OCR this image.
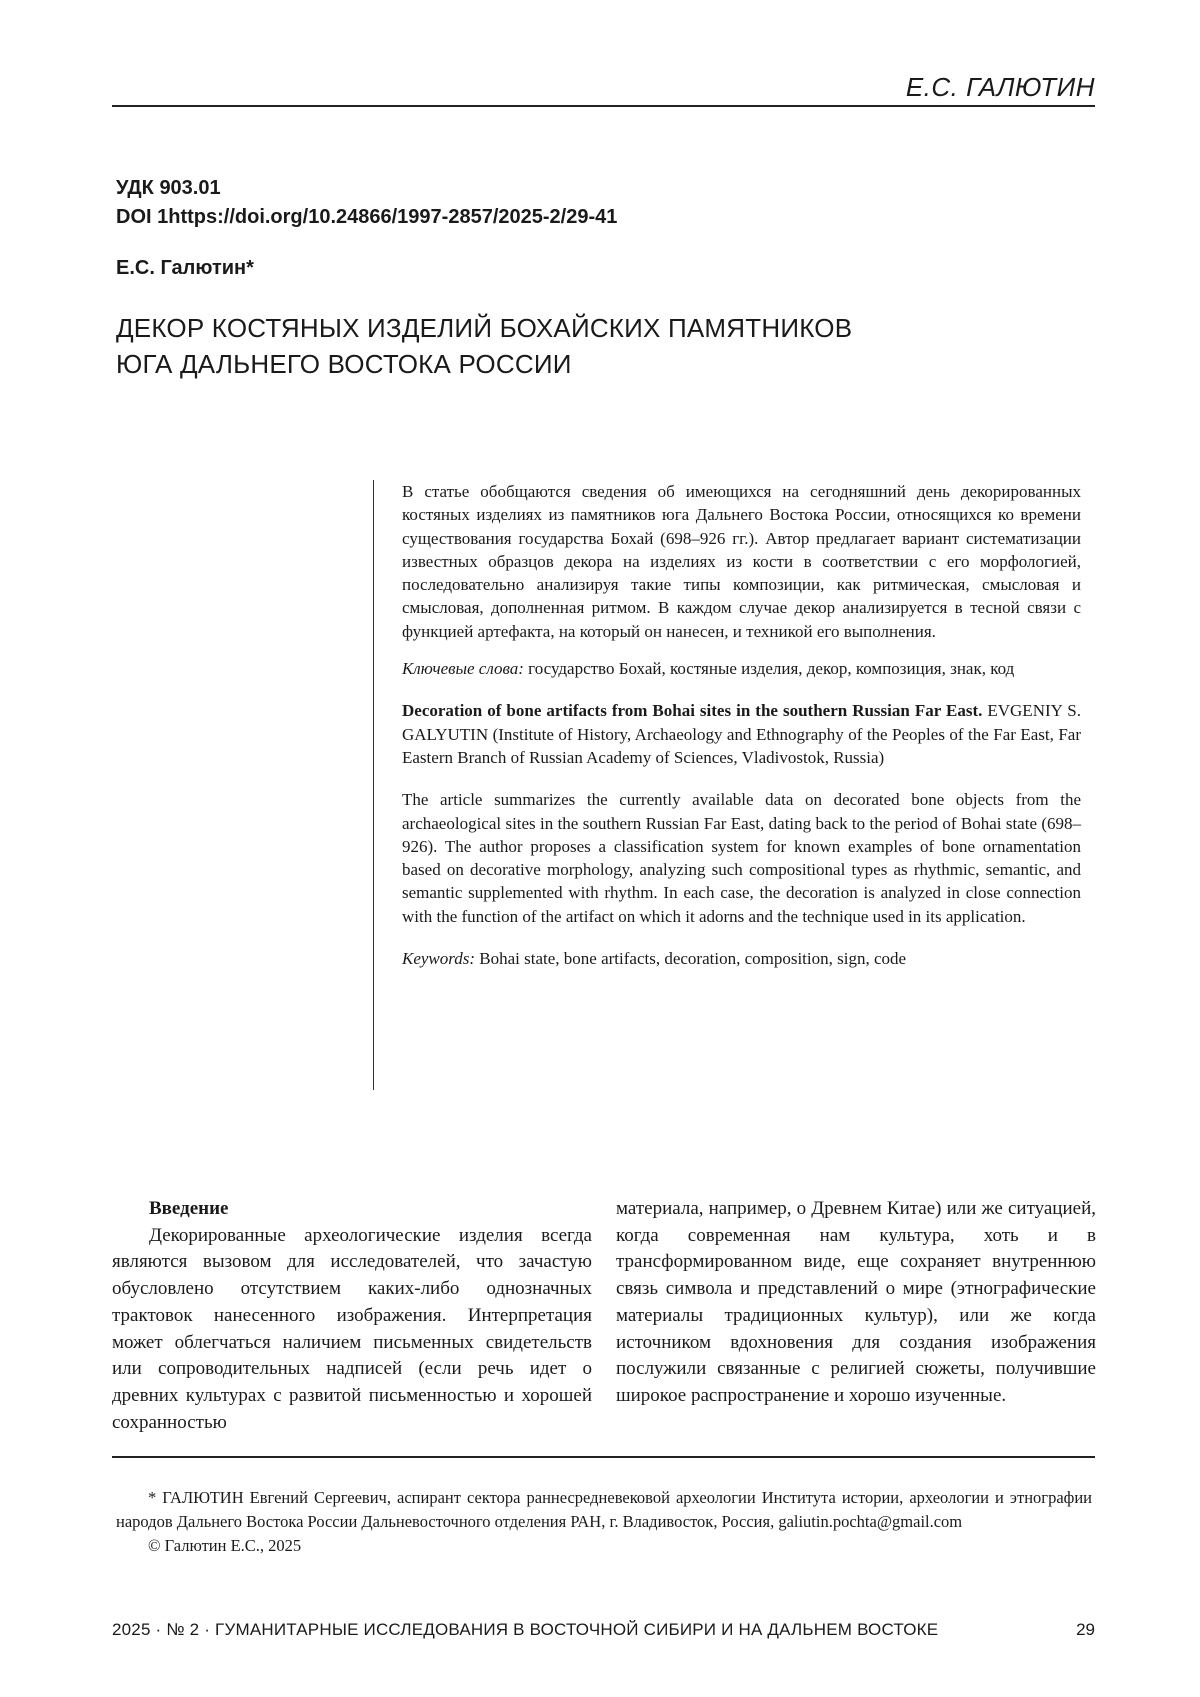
Е.С. ГАЛЮТИН
УДК 903.01
DOI 1https://doi.org/10.24866/1997-2857/2025-2/29-41
Е.С. Галютин*
ДЕКОР КОСТЯНЫХ ИЗДЕЛИЙ БОХАЙСКИХ ПАМЯТНИКОВ
ЮГА ДАЛЬНЕГО ВОСТОКА РОССИИ

В статье обобщаются сведения об имеющихся на сегодняшний день декорированных костяных изделиях из памятников юга Дальнего Востока России, относящихся ко времени существования государства Бохай (698–926 гг.). Автор предлагает вариант систематизации известных образцов декора на изделиях из кости в соответствии с его морфологией, последовательно анализируя такие типы композиции, как ритмическая, смысловая и смысловая, дополненная ритмом. В каждом случае декор анализируется в тесной связи с функцией артефакта, на который он нанесен, и техникой его выполнения.

Ключевые слова: государство Бохай, костяные изделия, декор, композиция, знак, код

Decoration of bone artifacts from Bohai sites in the southern Russian Far East. EVGENIY S. GALYUTIN (Institute of History, Archaeology and Ethnography of the Peoples of the Far East, Far Eastern Branch of Russian Academy of Sciences, Vladivostok, Russia)

The article summarizes the currently available data on decorated bone objects from the archaeological sites in the southern Russian Far East, dating back to the period of Bohai state (698–926). The author proposes a classification system for known examples of bone ornamentation based on decorative morphology, analyzing such compositional types as rhythmic, semantic, and semantic supplemented with rhythm. In each case, the decoration is analyzed in close connection with the function of the artifact on which it adorns and the technique used in its application.

Keywords: Bohai state, bone artifacts, decoration, composition, sign, code

Введение

Декорированные археологические изделия всегда являются вызовом для исследователей, что зачастую обусловлено отсутствием каких-либо однозначных трактовок нанесенного изображения. Интерпретация может облегчаться наличием письменных свидетельств или сопроводительных надписей (если речь идет о древних культурах с развитой письменностью и хорошей сохранностью

материала, например, о Древнем Китае) или же ситуацией, когда современная нам культура, хоть и в трансформированном виде, еще сохраняет внутреннюю связь символа и представлений о мире (этнографические материалы традиционных культур), или же когда источником вдохновения для создания изображения послужили связанные с религией сюжеты, получившие широкое распространение и хорошо изученные.

* ГАЛЮТИН Евгений Сергеевич, аспирант сектора раннесредневековой археологии Института истории, археологии и этнографии народов Дальнего Востока России Дальневосточного отделения РАН, г. Владивосток, Россия, galiutin.pochta@gmail.com

© Галютин Е.С., 2025

2025 · № 2 · ГУМАНИТАРНЫЕ ИССЛЕДОВАНИЯ В ВОСТОЧНОЙ СИБИРИ И НА ДАЛЬНЕМ ВОСТОКЕ	29
